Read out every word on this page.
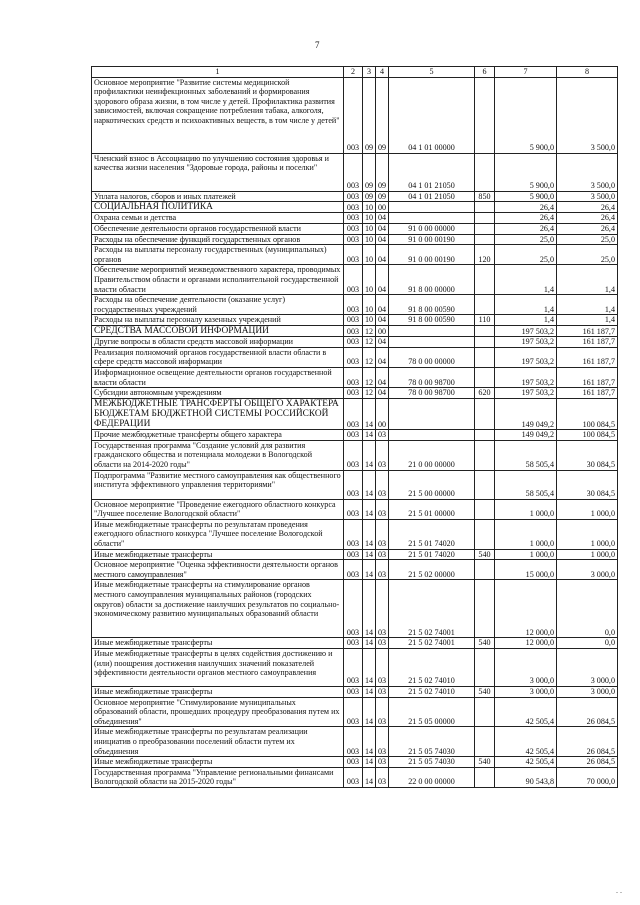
7
1	2	3	4	5	6	7	8
Основное мероприятие "Развитие системы медицинской профилактики неинфекционных заболеваний и формирования здорового образа жизни, в том числе у детей. Профилактика развития зависимостей, включая сокращение потребления табака, алкоголя, наркотических средств и психоактивных веществ, в том числе у детей"	003	09	09	04 1 01 00000		5 900,0	3 500,0
Членский взнос в Ассоциацию по улучшению состояния здоровья и качества жизни населения "Здоровые города, районы и поселки"	003	09	09	04 1 01 21050		5 900,0	3 500,0
Уплата налогов, сборов и иных платежей	003	09	09	04 1 01 21050	850	5 900,0	3 500,0
СОЦИАЛЬНАЯ ПОЛИТИКА	003	10	00			26,4	26,4
Охрана семьи и детства	003	10	04			26,4	26,4
Обеспечение деятельности органов государственной власти	003	10	04	91 0 00 00000		26,4	26,4
Расходы на обеспечение функций государственных органов	003	10	04	91 0 00 00190		25,0	25,0
Расходы на выплаты персоналу государственных (муниципальных) органов	003	10	04	91 0 00 00190	120	25,0	25,0
Обеспечение мероприятий межведомственного характера, проводимых Правительством области и органами исполнительной государственной власти области	003	10	04	91 8 00 00000		1,4	1,4
Расходы на обеспечение деятельности (оказание услуг) государственных учреждений	003	10	04	91 8 00 00590		1,4	1,4
Расходы на выплаты персоналу казенных учреждений	003	10	04	91 8 00 00590	110	1,4	1,4
СРЕДСТВА МАССОВОЙ ИНФОРМАЦИИ	003	12	00			197 503,2	161 187,7
Другие вопросы в области средств массовой информации	003	12	04			197 503,2	161 187,7
Реализация полномочий органов государственной власти области в сфере средств массовой информации	003	12	04	78 0 00 00000		197 503,2	161 187,7
Информационное освещение деятельности органов государственной власти области	003	12	04	78 0 00 98700		197 503,2	161 187,7
Субсидии автономным учреждениям	003	12	04	78 0 00 98700	620	197 503,2	161 187,7
МЕЖБЮДЖЕТНЫЕ ТРАНСФЕРТЫ ОБЩЕГО ХАРАКТЕРА БЮДЖЕТАМ БЮДЖЕТНОЙ СИСТЕМЫ РОССИЙСКОЙ ФЕДЕРАЦИИ	003	14	00			149 049,2	100 084,5
Прочие межбюджетные трансферты общего характера	003	14	03			149 049,2	100 084,5
Государственная программа "Создание условий для развития гражданского общества и потенциала молодежи в Вологодской области на 2014-2020 годы"	003	14	03	21 0 00 00000		58 505,4	30 084,5
Подпрограмма "Развитие местного самоуправления как общественного института эффективного управления территориями"	003	14	03	21 5 00 00000		58 505,4	30 084,5
Основное мероприятие "Проведение ежегодного областного конкурса "Лучшее поселение Вологодской области"	003	14	03	21 5 01 00000		1 000,0	1 000,0
Иные межбюджетные трансферты по результатам проведения ежегодного областного конкурса "Лучшее поселение Вологодской области"	003	14	03	21 5 01 74020		1 000,0	1 000,0
Иные межбюджетные трансферты	003	14	03	21 5 01 74020	540	1 000,0	1 000,0
Основное мероприятие "Оценка эффективности деятельности органов местного самоуправления"	003	14	03	21 5 02 00000		15 000,0	3 000,0
Иные межбюджетные трансферты на стимулирование органов местного самоуправления муниципальных районов (городских округов) области за достижение наилучших результатов по социально-экономическому развитию муниципальных образований области	003	14	03	21 5 02 74001		12 000,0	0,0
Иные межбюджетные трансферты	003	14	03	21 5 02 74001	540	12 000,0	0,0
Иные межбюджетные трансферты в целях содействия достижению и (или) поощрения достижения наилучших значений показателей эффективности деятельности органов местного самоуправления	003	14	03	21 5 02 74010		3 000,0	3 000,0
Иные межбюджетные трансферты	003	14	03	21 5 02 74010	540	3 000,0	3 000,0
Основное мероприятие "Стимулирование муниципальных образований области, прошедших процедуру преобразования путем их объединения"	003	14	03	21 5 05 00000		42 505,4	26 084,5
Иные межбюджетные трансферты по результатам реализации инициатив о преобразовании поселений области путем их объединения	003	14	03	21 5 05 74030		42 505,4	26 084,5
Иные межбюджетные трансферты	003	14	03	21 5 05 74030	540	42 505,4	26 084,5
Государственная программа "Управление региональными финансами Вологодской области на 2015-2020 годы"	003	14	03	22 0 00 00000		90 543,8	70 000,0
. .
